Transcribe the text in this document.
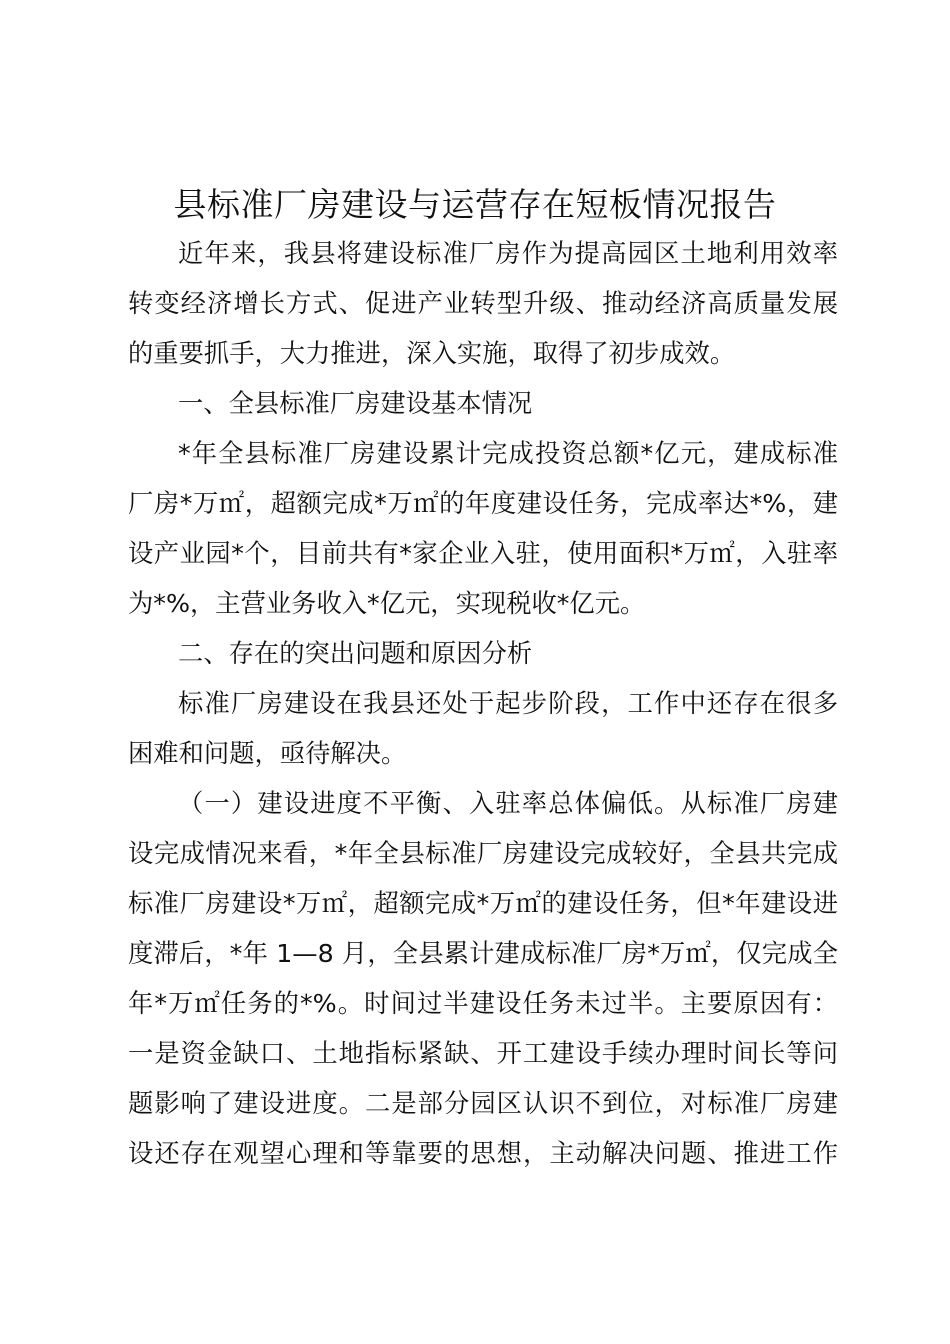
县标准厂房建设与运营存在短板情况报告
近年来，我县将建设标准厂房作为提高园区土地利用效率
转变经济增长方式、促进产业转型升级、推动经济高质量发展
的重要抓手，大力推进，深入实施，取得了初步成效。
一、全县标准厂房建设基本情况
*年全县标准厂房建设累计完成投资总额*亿元，建成标准
厂房*万㎡，超额完成*万㎡的年度建设任务，完成率达*%，建
设产业园*个，目前共有*家企业入驻，使用面积*万㎡，入驻率
为*%，主营业务收入*亿元，实现税收*亿元。
二、存在的突出问题和原因分析
标准厂房建设在我县还处于起步阶段，工作中还存在很多
困难和问题，亟待解决。
（一）建设进度不平衡、入驻率总体偏低。从标准厂房建
设完成情况来看，*年全县标准厂房建设完成较好，全县共完成
标准厂房建设*万㎡，超额完成*万㎡的建设任务，但*年建设进
度滞后，*年 1—8 月，全县累计建成标准厂房*万㎡，仅完成全
年*万㎡任务的*%。时间过半建设任务未过半。主要原因有：
一是资金缺口、土地指标紧缺、开工建设手续办理时间长等问
题影响了建设进度。二是部分园区认识不到位，对标准厂房建
设还存在观望心理和等靠要的思想，主动解决问题、推进工作
